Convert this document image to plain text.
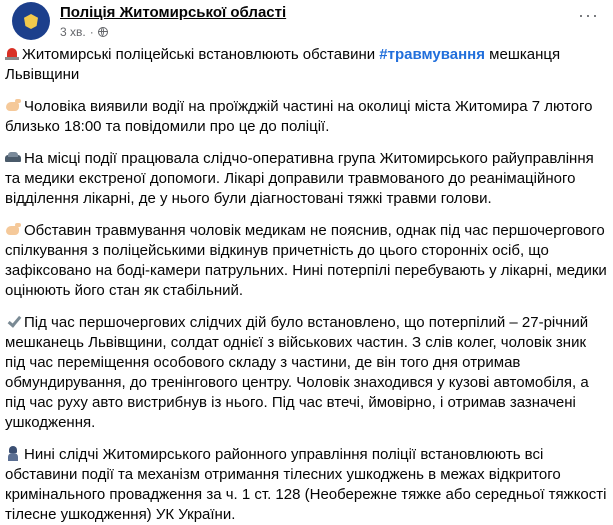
Поліція Житомирської області
3 хв. ·
···

Житомирські поліцейські встановлюють обставини #травмування мешканця Львівщини

Чоловіка виявили водії на проїжджій частині на околиці міста Житомира 7 лютого близько 18:00 та повідомили про це до поліції.

На місці події працювала слідчо-оперативна група Житомирського райуправління та медики екстреної допомоги. Лікарі доправили травмованого до реанімаційного відділення лікарні, де у нього були діагностовані тяжкі травми голови.

Обставин травмування чоловік медикам не пояснив, однак під час першочергового спілкування з поліцейськими відкинув причетність до цього сторонніх осіб, що зафіксовано на боді-камери патрульних. Нині потерпілі перебувають у лікарні, медики оцінюють його стан як стабільний.

Під час першочергових слідчих дій було встановлено, що потерпілий – 27-річний мешканець Львівщини, солдат однієї з військових частин. З слів колег, чоловік зник під час переміщення особового складу з частини, де він того дня отримав обмундирування, до тренінгового центру. Чоловік знаходився у кузові автомобіля, а під час руху авто вистрибнув із нього. Під час втечі, ймовірно, і отримав зазначені ушкодження.

Нині слідчі Житомирського районного управління поліції встановлюють всі обставини події та механізм отримання тілесних ушкоджень в межах відкритого кримінального провадження за ч. 1 ст. 128 (Необережне тяжке або середньої тяжкості тілесне ушкодження) УК України.
